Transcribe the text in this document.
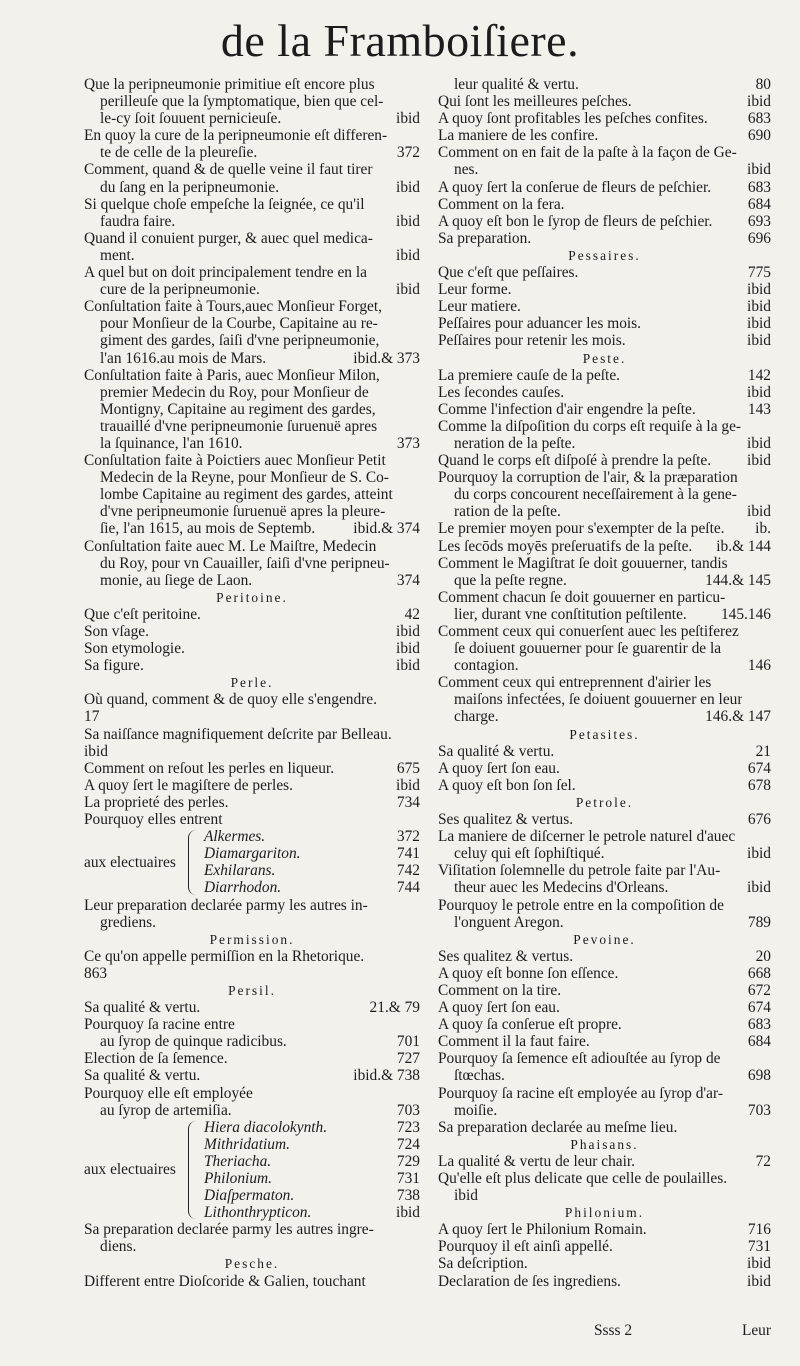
de la Framboiſiere.
Que la peripneumonie primitiue eſt encore plus
perilleuſe que la ſymptomatique, bien que cel-
le-cy ſoit ſouuent pernicieuſe.	ibid
En quoy la cure de la peripneumonie eſt differen-
te de celle de la pleureſie.	372
Comment, quand & de quelle veine il faut tirer
du ſang en la peripneumonie.	ibid
Si quelque choſe empeſche la ſeignée, ce qu'il
faudra faire.	ibid
Quand il conuient purger, & auec quel medica-
ment.	ibid
A quel but on doit principalement tendre en la
cure de la peripneumonie.	ibid
Conſultation faite à Tours,auec Monſieur Forget,
pour Monſieur de la Courbe, Capitaine au re-
giment des gardes, ſaiſi d'vne peripneumonie,
l'an 1616.au mois de Mars.	ibid.& 373
Conſultation faite à Paris, auec Monſieur Milon,
premier Medecin du Roy, pour Monſieur de
Montigny, Capitaine au regiment des gardes,
trauaillé d'vne peripneumonie ſuruenuë apres
la ſquinance, l'an 1610.	373
Conſultation faite à Poictiers auec Monſieur Petit
Medecin de la Reyne, pour Monſieur de S. Co-
lombe Capitaine au regiment des gardes, atteint
d'vne peripneumonie ſuruenuë apres la pleure-
ſie, l'an 1615, au mois de Septemb. ibid.& 374
Conſultation faite auec M. Le Maiſtre, Medecin
du Roy, pour vn Cauailler, ſaiſi d'vne peripneu-
monie, au ſiege de Laon.	374
Peritoine.
Que c'eſt peritoine.	42
Son vſage.	ibid
Son etymologie.	ibid
Sa figure.	ibid
Perle.
Où quand, comment & de quoy elle s'engendre.
17
Sa naiſſance magnifiquement deſcrite par Belleau.
ibid
Comment on reſout les perles en liqueur.	675
A quoy ſert le magiſtere de perles.	ibid
La proprieté des perles.	734
Pourquoy elles entrent
aux electuaires
Alkermes.	372
Diamargariton.	741
Exhilarans.	742
Diarrhodon.	744
Leur preparation declarée parmy les autres in-
grediens.
Permission.
Ce qu'on appelle permiſſion en la Rhetorique.
863
Persil.
Sa qualité & vertu.	21.& 79
Pourquoy ſa racine entre
au ſyrop de quinque radicibus.	701
Election de ſa ſemence.	727
Sa qualité & vertu.	ibid.& 738
Pourquoy elle eſt employée
au ſyrop de artemiſia.	703
aux electuaires
Hiera diacolokynth.	723
Mithridatium.	724
Theriacha.	729
Philonium.	731
Diaſpermaton.	738
Lithonthrypticon.	ibid
Sa preparation declarée parmy les autres ingre-
diens.
Pesche.
Different entre Dioſcoride & Galien, touchant
leur qualité & vertu.	80
Qui ſont les meilleures peſches.	ibid
A quoy ſont profitables les peſches confites.	683
La maniere de les confire.	690
Comment on en fait de la paſte à la façon de Ge-
nes.	ibid
A quoy ſert la conſerue de fleurs de peſchier. 683
Comment on la fera.	684
A quoy eſt bon le ſyrop de fleurs de peſchier. 693
Sa preparation.	696
Pessaires.
Que c'eſt que peſſaires.	775
Leur forme.	ibid
Leur matiere.	ibid
Peſſaires pour aduancer les mois.	ibid
Peſſaires pour retenir les mois.	ibid
Peste.
La premiere cauſe de la peſte.	142
Les ſecondes cauſes.	ibid
Comme l'infection d'air engendre la peſte.	143
Comme la diſpoſition du corps eſt requiſe à la ge-
neration de la peſte.	ibid
Quand le corps eſt diſpoſé à prendre la peſte. ibid
Pourquoy la corruption de l'air, & la præparation
du corps concourent neceſſairement à la gene-
ration de la peſte.	ibid
Le premier moyen pour s'exempter de la peſte. ib.
Les ſecōds moyēs preſeruatifs de la peſte. ib.& 144
Comment le Magiſtrat ſe doit gouuerner, tandis
que la peſte regne.	144.& 145
Comment chacun ſe doit gouuerner en particu-
lier, durant vne conſtitution peſtilente. 145.146
Comment ceux qui conuerſent auec les peſtiferez
ſe doiuent gouuerner pour ſe guarentir de la
contagion.	146
Comment ceux qui entreprennent d'airier les
maiſons infectées, ſe doiuent gouuerner en leur
charge.	146.& 147
Petasites.
Sa qualité & vertu.	21
A quoy ſert ſon eau.	674
A quoy eſt bon ſon ſel.	678
Petrole.
Ses qualitez & vertus.	676
La maniere de diſcerner le petrole naturel d'auec
celuy qui eſt ſophiſtiqué.	ibid
Viſitation ſolemnelle du petrole faite par l'Au-
theur auec les Medecins d'Orleans.	ibid
Pourquoy le petrole entre en la compoſition de
l'onguent Aregon.	789
Pevoine.
Ses qualitez & vertus.	20
A quoy eſt bonne ſon eſſence.	668
Comment on la tire.	672
A quoy ſert ſon eau.	674
A quoy ſa conſerue eſt propre.	683
Comment il la faut faire.	684
Pourquoy ſa ſemence eſt adiouſtée au ſyrop de
ſtœchas.	698
Pourquoy ſa racine eſt employée au ſyrop d'ar-
moiſie.	703
Sa preparation declarée au meſme lieu.
Phaisans.
La qualité & vertu de leur chair.	72
Qu'elle eſt plus delicate que celle de poulailles.
ibid
Philonium.
A quoy ſert le Philonium Romain.	716
Pourquoy il eſt ainſi appellé.	731
Sa deſcription.	ibid
Declaration de ſes ingrediens.	ibid
Ssss 2	Leur
